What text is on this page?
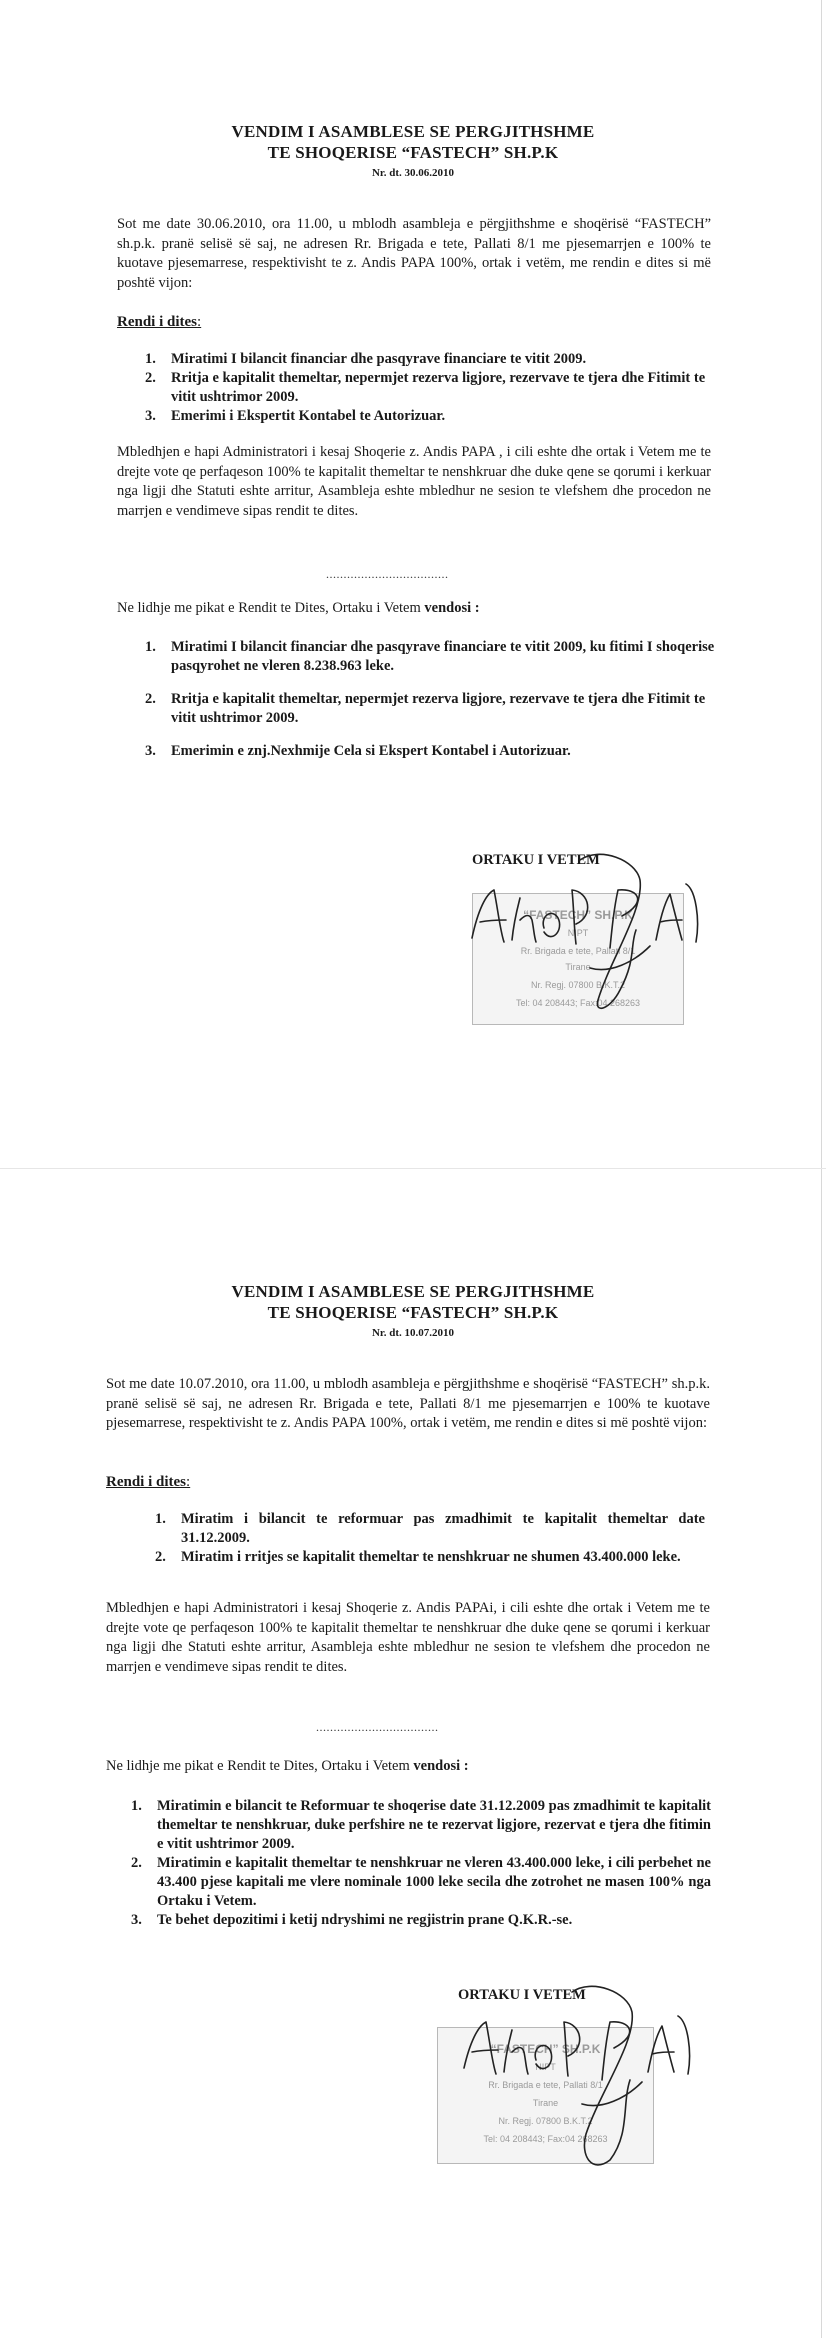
VENDIM I ASAMBLESE SE PERGJITHSHME
TE SHOQERISE “FASTECH” SH.P.K
Nr. dt. 30.06.2010

Sot me date 30.06.2010, ora 11.00, u mblodh asambleja e përgjithshme e shoqërisë “FASTECH” sh.p.k. pranë selisë së saj, ne adresen Rr. Brigada e tete, Pallati 8/1 me pjesemarrjen e 100% te kuotave pjesemarrese, respektivisht te z. Andis PAPA 100%, ortak i vetëm, me rendin e dites si më poshtë vijon:

Rendi i dites:
1. Miratimi I bilancit financiar dhe pasqyrave financiare te vitit 2009.
2. Rritja e kapitalit themeltar, nepermjet rezerva ligjore, rezervave te tjera dhe Fitimit te vitit ushtrimor 2009.
3. Emerimi i Ekspertit Kontabel te Autorizuar.

Mbledhjen e hapi Administratori i kesaj Shoqerie z. Andis PAPA , i cili eshte dhe ortak i Vetem me te drejte vote qe perfaqeson 100% te kapitalit themeltar te nenshkruar dhe duke qene se qorumi i kerkuar nga ligji dhe Statuti eshte arritur, Asambleja eshte mbledhur ne sesion te vlefshem dhe procedon ne marrjen e vendimeve sipas rendit te dites.

...................................
Ne lidhje me pikat e Rendit te Dites, Ortaku i Vetem vendosi :
1. Miratimi I bilancit financiar dhe pasqyrave financiare te vitit 2009, ku fitimi I shoqerise pasqyrohet ne vleren 8.238.963 leke.
2. Rritja e kapitalit themeltar, nepermjet rezerva ligjore, rezervave te tjera dhe Fitimit te vitit ushtrimor 2009.
3. Emerimin e znj.Nexhmije Cela si Ekspert Kontabel i Autorizuar.
ORTAKU I VETEM
“FASTECH” SH.P.K
NIPT
Rr. Brigada e tete, Pallati 8/1
Tirane
Nr. Regj. 07800 B.K.T.2
Tel: 04 208443; Fax:04 268263
VENDIM I ASAMBLESE SE PERGJITHSHME
TE SHOQERISE “FASTECH” SH.P.K
Nr. dt. 10.07.2010

Sot me date 10.07.2010, ora 11.00, u mblodh asambleja e përgjithshme e shoqërisë “FASTECH” sh.p.k. pranë selisë së saj, ne adresen Rr. Brigada e tete, Pallati 8/1 me pjesemarrjen e 100% te kuotave pjesemarrese, respektivisht te z. Andis PAPA 100%, ortak i vetëm, me rendin e dites si më poshtë vijon:

Rendi i dites:
1. Miratim i bilancit te reformuar pas zmadhimit te kapitalit themeltar date 31.12.2009.
2. Miratim i rritjes se kapitalit themeltar te nenshkruar ne shumen 43.400.000 leke.

Mbledhjen e hapi Administratori i kesaj Shoqerie z. Andis PAPAi, i cili eshte dhe ortak i Vetem me te drejte vote qe perfaqeson 100% te kapitalit themeltar te nenshkruar dhe duke qene se qorumi i kerkuar nga ligji dhe Statuti eshte arritur, Asambleja eshte mbledhur ne sesion te vlefshem dhe procedon ne marrjen e vendimeve sipas rendit te dites.

...................................
Ne lidhje me pikat e Rendit te Dites, Ortaku i Vetem vendosi :
1. Miratimin e bilancit te Reformuar te shoqerise date 31.12.2009 pas zmadhimit te kapitalit themeltar te nenshkruar, duke perfshire ne te rezervat ligjore, rezervat e tjera dhe fitimin e vitit ushtrimor 2009.
2. Miratimin e kapitalit themeltar te nenshkruar ne vleren 43.400.000 leke, i cili perbehet ne 43.400 pjese kapitali me vlere nominale 1000 leke secila dhe zotrohet ne masen 100% nga Ortaku i Vetem.
3. Te behet depozitimi i ketij ndryshimi ne regjistrin prane Q.K.R.-se.
ORTAKU I VETEM
“FASTECH” SH.P.K
NIPT
Rr. Brigada e tete, Pallati 8/1
Tirane
Nr. Regj. 07800 B.K.T.2
Tel: 04 208443; Fax:04 268263
